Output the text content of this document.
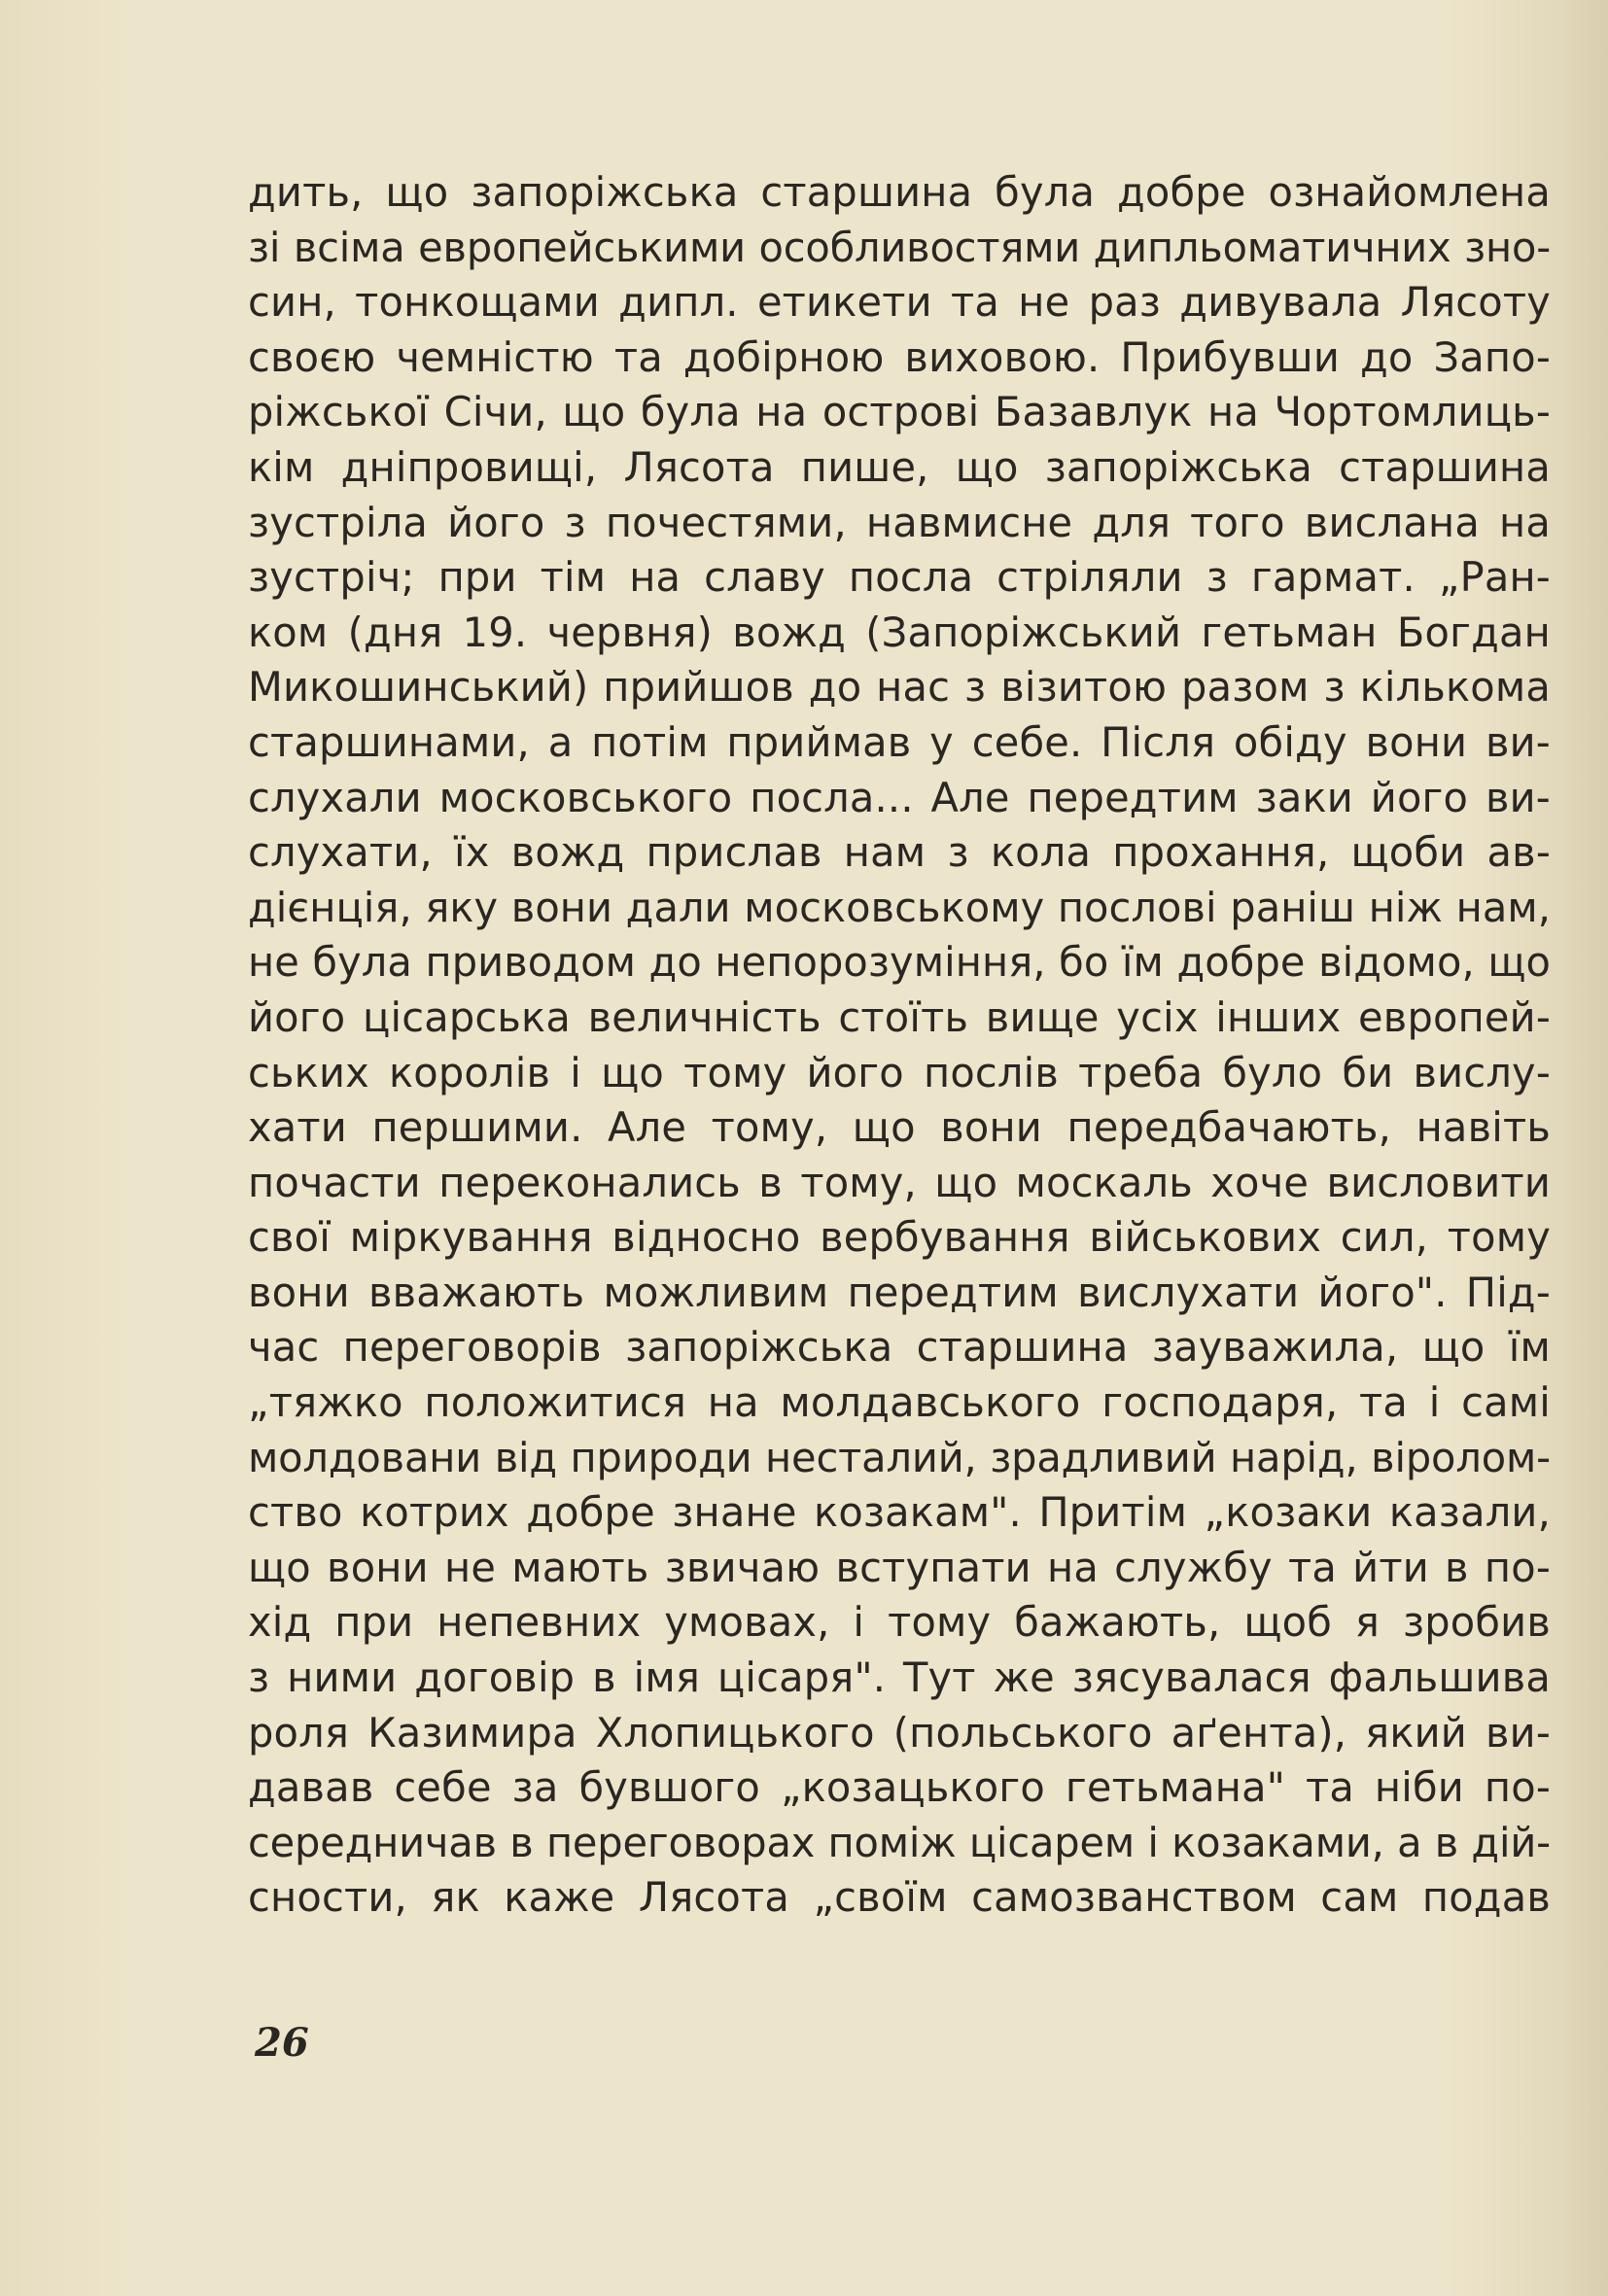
дить, що запоріжська старшина була добре ознайомлена
зі всіма европейськими особливостями дипльоматичних зно-
син, тонкощами дипл. етикети та не раз дивувала Лясоту
своєю чемністю та добірною виховою. Прибувши до Запо-
ріжської Січи, що була на острові Базавлук на Чортомлиць-
кім дніпровищі, Лясота пише, що запоріжська старшина
зустріла його з почестями, навмисне для того вислана на
зустріч; при тім на славу посла стріляли з гармат. „Ран-
ком (дня 19. червня) вожд (Запоріжський гетьман Богдан
Микошинський) прийшов до нас з візитою разом з кількома
старшинами, а потім приймав у себе. Після обіду вони ви-
слухали московського посла... Але передтим заки його ви-
слухати, їх вожд прислав нам з кола прохання, щоби ав-
дієнція, яку вони дали московському послові раніш ніж нам,
не була приводом до непорозуміння, бо їм добре відомо, що
його цісарська величність стоїть вище усіх інших европей-
ських королів і що тому його послів треба було би вислу-
хати першими. Але тому, що вони передбачають, навіть
почасти переконались в тому, що москаль хоче висловити
свої міркування відносно вербування військових сил, тому
вони вважають можливим передтим вислухати його". Під-
час переговорів запоріжська старшина зауважила, що їм
„тяжко положитися на молдавського господаря, та і самі
молдовани від природи несталий, зрадливий нарід, віролом-
ство котрих добре знане козакам". Притім „козаки казали,
що вони не мають звичаю вступати на службу та йти в по-
хід при непевних умовах, і тому бажають, щоб я зробив
з ними договір в імя цісаря". Тут же зясувалася фальшива
роля Казимира Хлопицького (польського аґента), який ви-
давав себе за бувшого „козацького гетьмана" та ніби по-
середничав в переговорах поміж цісарем і козаками, а в дій-
сности, як каже Лясота „своїм самозванством сам подав
26
